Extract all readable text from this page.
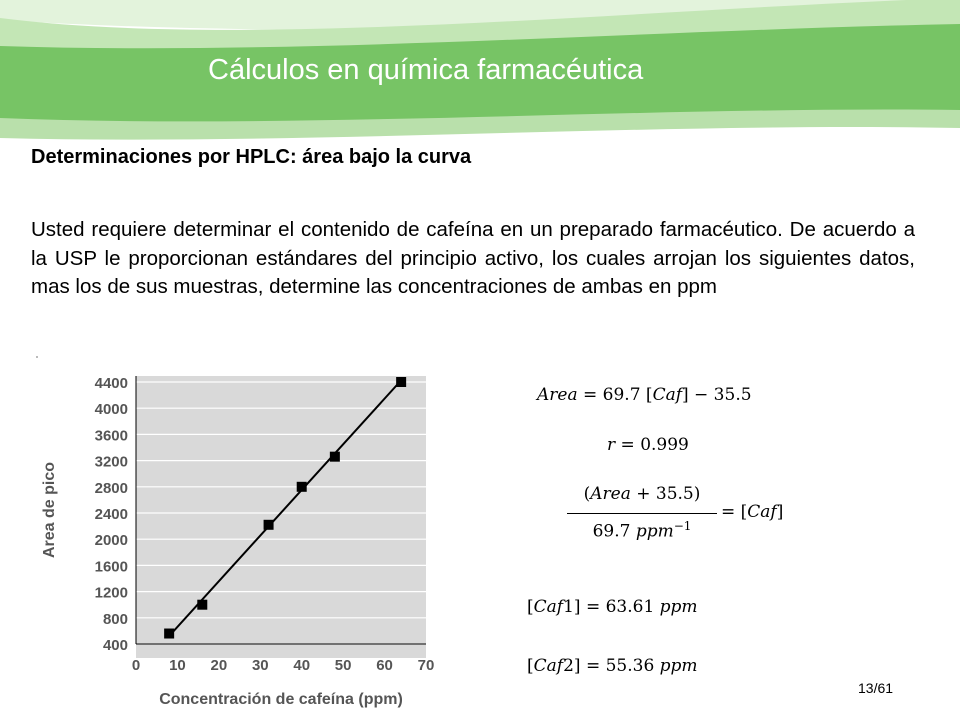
Cálculos en química farmacéutica
Determinaciones por HPLC: área bajo la curva
Usted requiere determinar el contenido de cafeína en un preparado farmacéutico. De acuerdo a la USP le proporcionan estándares del principio activo, los cuales arrojan los siguientes datos, mas los de sus muestras, determine las concentraciones de ambas en ppm
400
800
1200
1600
2000
2400
2800
3200
3600
4000
4400
0 10 20 30 40 50 60 70
Concentración de cafeína (ppm)
Area de pico
Area = 69.7 [Caf] − 35.5
r = 0.999
(Area + 35.5)
69.7 ppm$^{-1}$
= [Caf]
[Caf1] = 63.61 ppm
[Caf2] = 55.36 ppm
13/61
